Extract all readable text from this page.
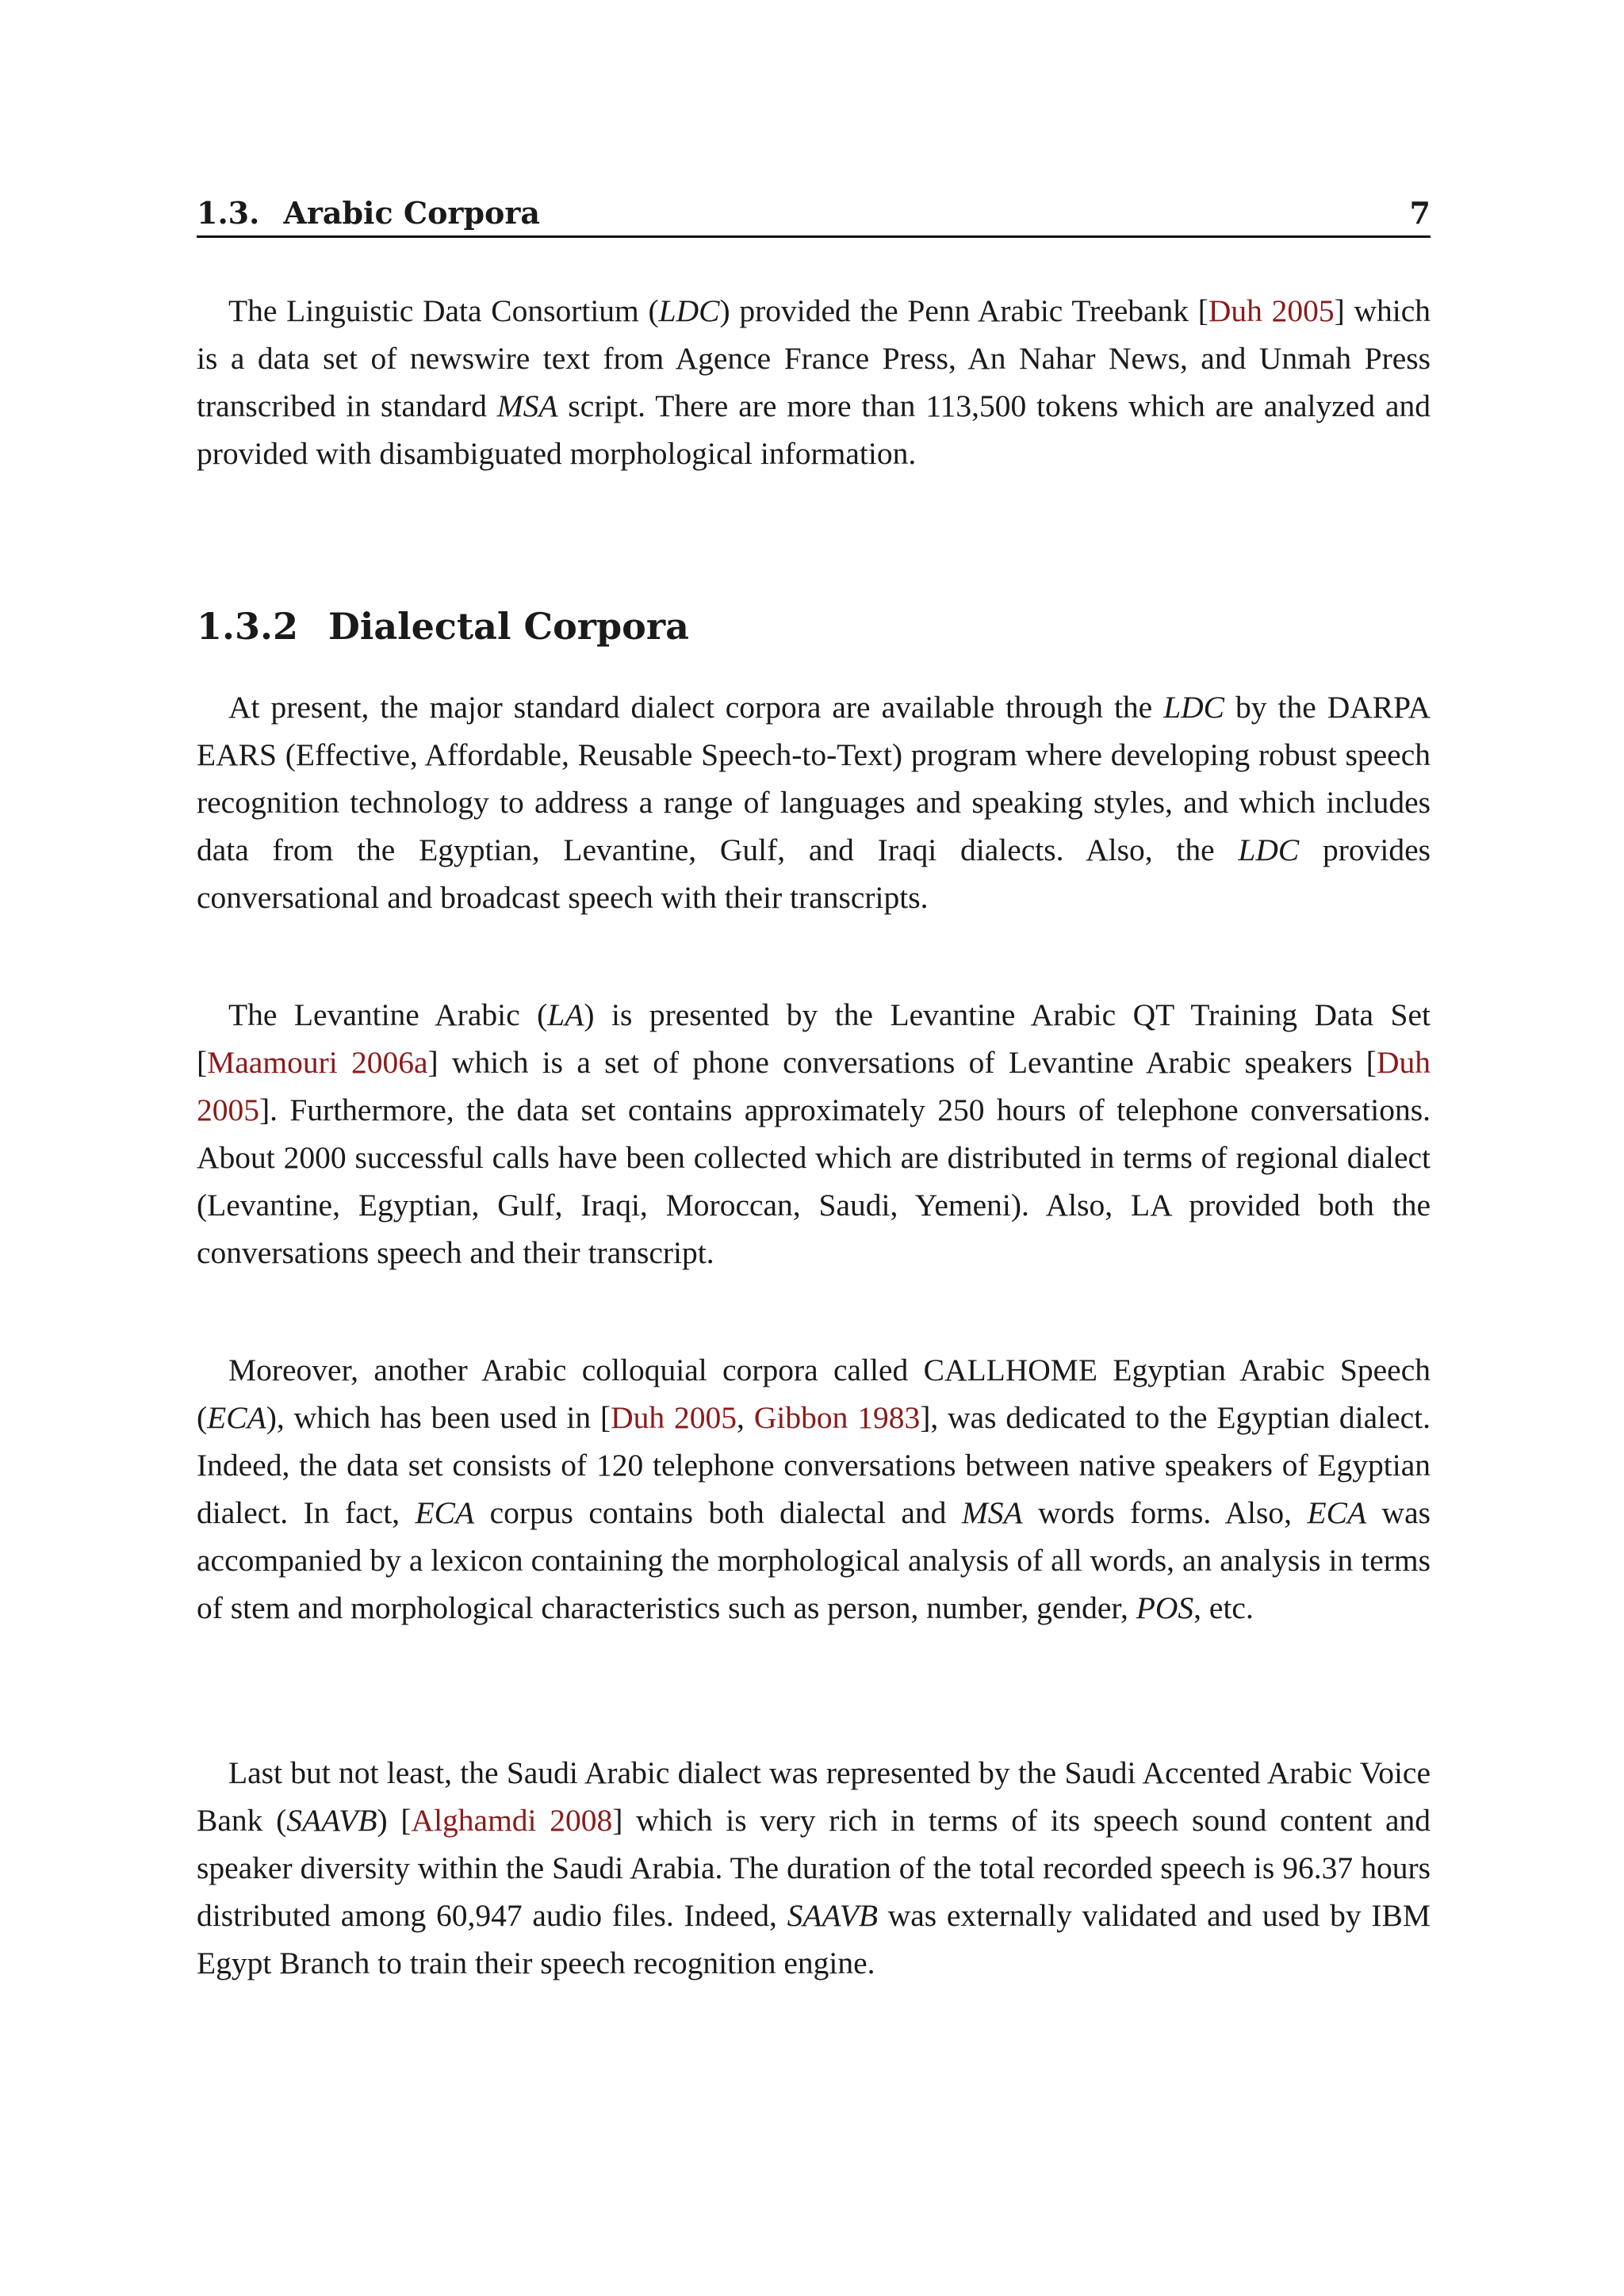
1.3. Arabic Corpora	7

The Linguistic Data Consortium (LDC) provided the Penn Arabic Treebank [Duh 2005] which is a data set of newswire text from Agence France Press, An Nahar News, and Unmah Press transcribed in standard MSA script. There are more than 113,500 tokens which are analyzed and provided with disambiguated morphological information.

1.3.2 Dialectal Corpora

At present, the major standard dialect corpora are available through the LDC by the DARPA EARS (Effective, Affordable, Reusable Speech-to-Text) program where developing robust speech recognition technology to address a range of languages and speaking styles, and which includes data from the Egyptian, Levantine, Gulf, and Iraqi dialects. Also, the LDC provides conversational and broadcast speech with their transcripts.

The Levantine Arabic (LA) is presented by the Levantine Arabic QT Training Data Set [Maamouri 2006a] which is a set of phone conversations of Levantine Arabic speakers [Duh 2005]. Furthermore, the data set contains approximately 250 hours of telephone conversations. About 2000 successful calls have been collected which are distributed in terms of regional dialect (Levantine, Egyptian, Gulf, Iraqi, Moroccan, Saudi, Yemeni). Also, LA provided both the conversations speech and their transcript.

Moreover, another Arabic colloquial corpora called CALLHOME Egyptian Arabic Speech (ECA), which has been used in [Duh 2005, Gibbon 1983], was dedicated to the Egyptian dialect. Indeed, the data set consists of 120 telephone conversations between native speakers of Egyptian dialect. In fact, ECA corpus contains both dialectal and MSA words forms. Also, ECA was accompanied by a lexicon containing the morphological analysis of all words, an analysis in terms of stem and morphological characteristics such as person, number, gender, POS, etc.

Last but not least, the Saudi Arabic dialect was represented by the Saudi Accented Arabic Voice Bank (SAAVB) [Alghamdi 2008] which is very rich in terms of its speech sound content and speaker diversity within the Saudi Arabia. The duration of the total recorded speech is 96.37 hours distributed among 60,947 audio files. Indeed, SAAVB was externally validated and used by IBM Egypt Branch to train their speech recognition engine.
